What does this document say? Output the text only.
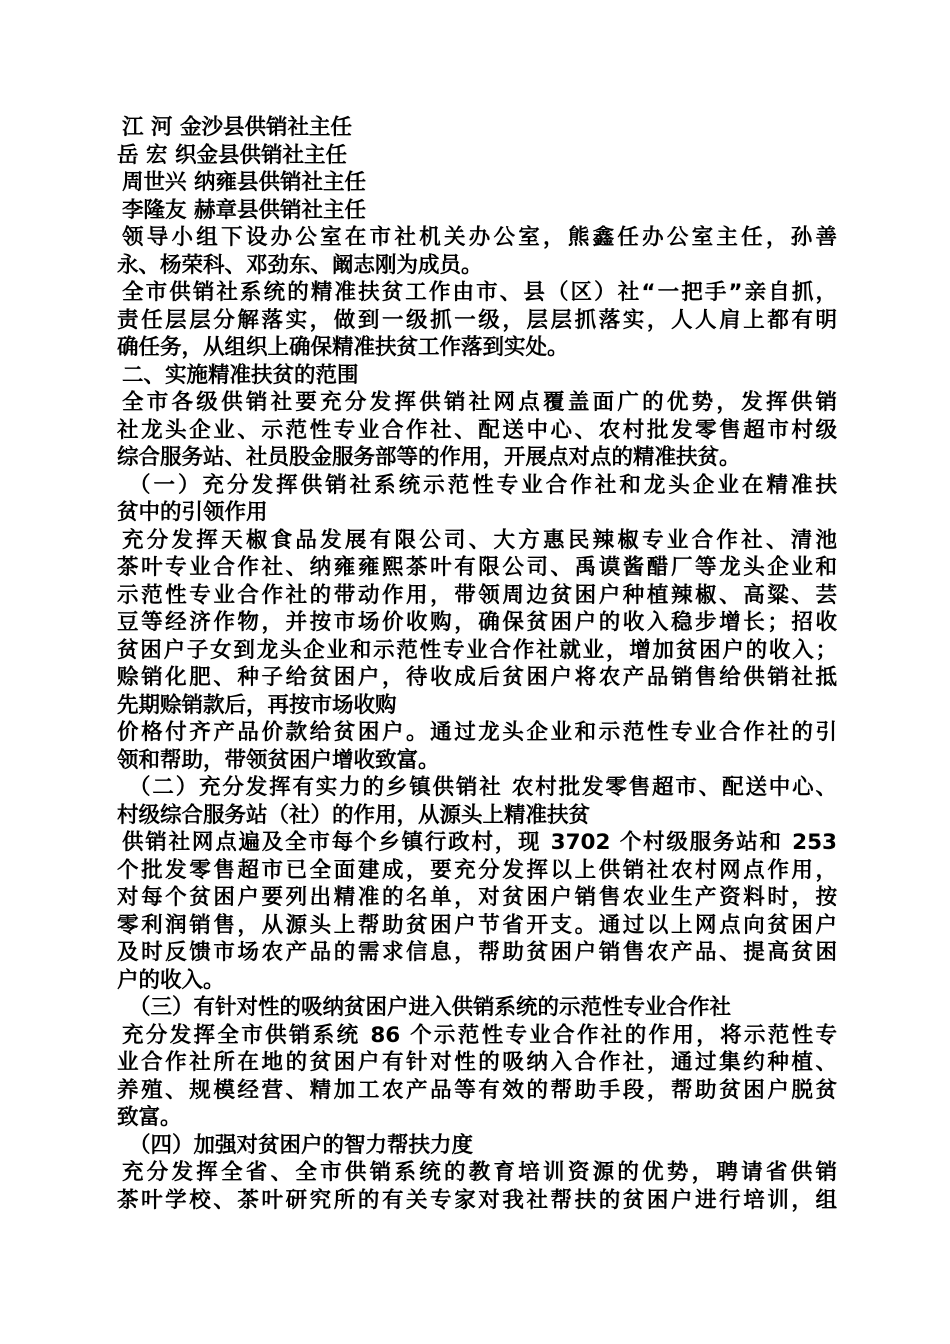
江 河 金沙县供销社主任
岳 宏 织金县供销社主任
周世兴 纳雍县供销社主任
李隆友 赫章县供销社主任
领导小组下设办公室在市社机关办公室，熊鑫任办公室主任，孙善
永、杨荣科、邓劲东、阚志刚为成员。
全市供销社系统的精准扶贫工作由市、县（区）社“一把手”亲自抓，
责任层层分解落实，做到一级抓一级，层层抓落实，人人肩上都有明
确任务，从组织上确保精准扶贫工作落到实处。
二、实施精准扶贫的范围
全市各级供销社要充分发挥供销社网点覆盖面广的优势，发挥供销
社龙头企业、示范性专业合作社、配送中心、农村批发零售超市村级
综合服务站、社员股金服务部等的作用，开展点对点的精准扶贫。
（一）充分发挥供销社系统示范性专业合作社和龙头企业在精准扶
贫中的引领作用
充分发挥天椒食品发展有限公司、大方惠民辣椒专业合作社、清池
茶叶专业合作社、纳雍雍熙茶叶有限公司、禹谟酱醋厂等龙头企业和
示范性专业合作社的带动作用，带领周边贫困户种植辣椒、高粱、芸
豆等经济作物，并按市场价收购，确保贫困户的收入稳步增长；招收
贫困户子女到龙头企业和示范性专业合作社就业，增加贫困户的收入；
赊销化肥、种子给贫困户，待收成后贫困户将农产品销售给供销社抵
先期赊销款后，再按市场收购
价格付齐产品价款给贫困户。通过龙头企业和示范性专业合作社的引
领和帮助，带领贫困户增收致富。
（二）充分发挥有实力的乡镇供销社 农村批发零售超市、配送中心、
村级综合服务站（社）的作用，从源头上精准扶贫
供销社网点遍及全市每个乡镇行政村，现 3702 个村级服务站和 253
个批发零售超市已全面建成，要充分发挥以上供销社农村网点作用，
对每个贫困户要列出精准的名单，对贫困户销售农业生产资料时，按
零利润销售，从源头上帮助贫困户节省开支。通过以上网点向贫困户
及时反馈市场农产品的需求信息，帮助贫困户销售农产品、提高贫困
户的收入。
（三）有针对性的吸纳贫困户进入供销系统的示范性专业合作社
充分发挥全市供销系统 86 个示范性专业合作社的作用，将示范性专
业合作社所在地的贫困户有针对性的吸纳入合作社，通过集约种植、
养殖、规模经营、精加工农产品等有效的帮助手段，帮助贫困户脱贫
致富。
（四）加强对贫困户的智力帮扶力度
充分发挥全省、全市供销系统的教育培训资源的优势，聘请省供销
茶叶学校、茶叶研究所的有关专家对我社帮扶的贫困户进行培训，组
